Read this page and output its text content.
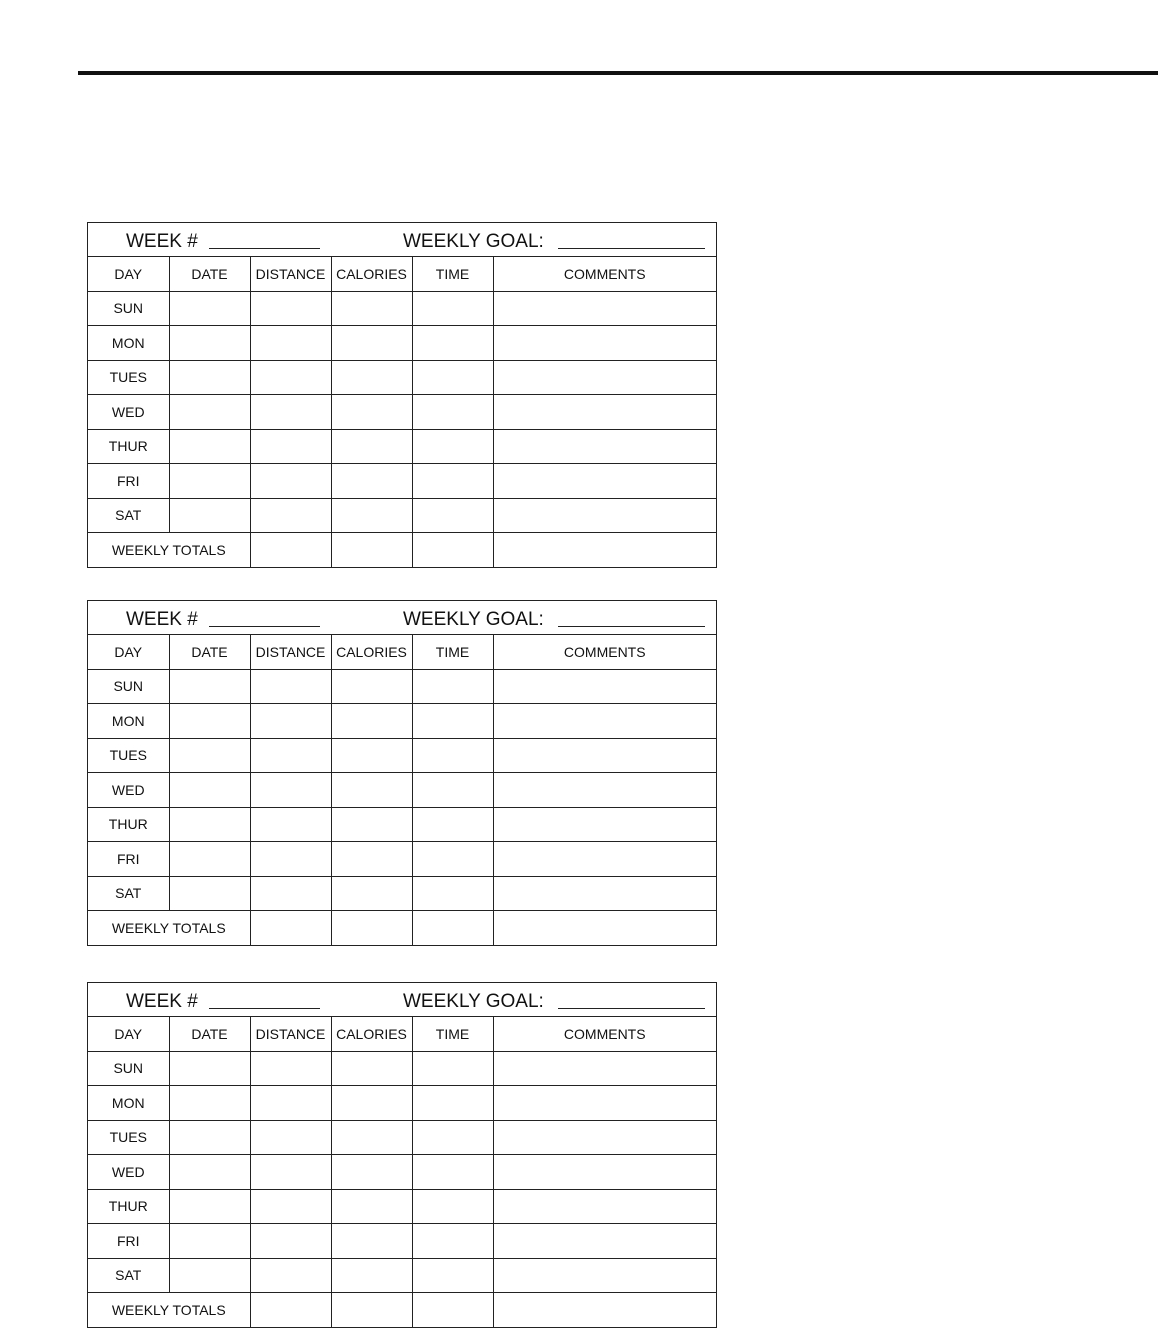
WEEK #	WEEKLY GOAL:
DAY	DATE	DISTANCE	CALORIES	TIME	COMMENTS
SUN					
MON					
TUES					
WED					
THUR					
FRI					
SAT					
WEEKLY TOTALS					
WEEK #	WEEKLY GOAL:
DAY	DATE	DISTANCE	CALORIES	TIME	COMMENTS
SUN					
MON					
TUES					
WED					
THUR					
FRI					
SAT					
WEEKLY TOTALS					
WEEK #	WEEKLY GOAL:
DAY	DATE	DISTANCE	CALORIES	TIME	COMMENTS
SUN					
MON					
TUES					
WED					
THUR					
FRI					
SAT					
WEEKLY TOTALS					
